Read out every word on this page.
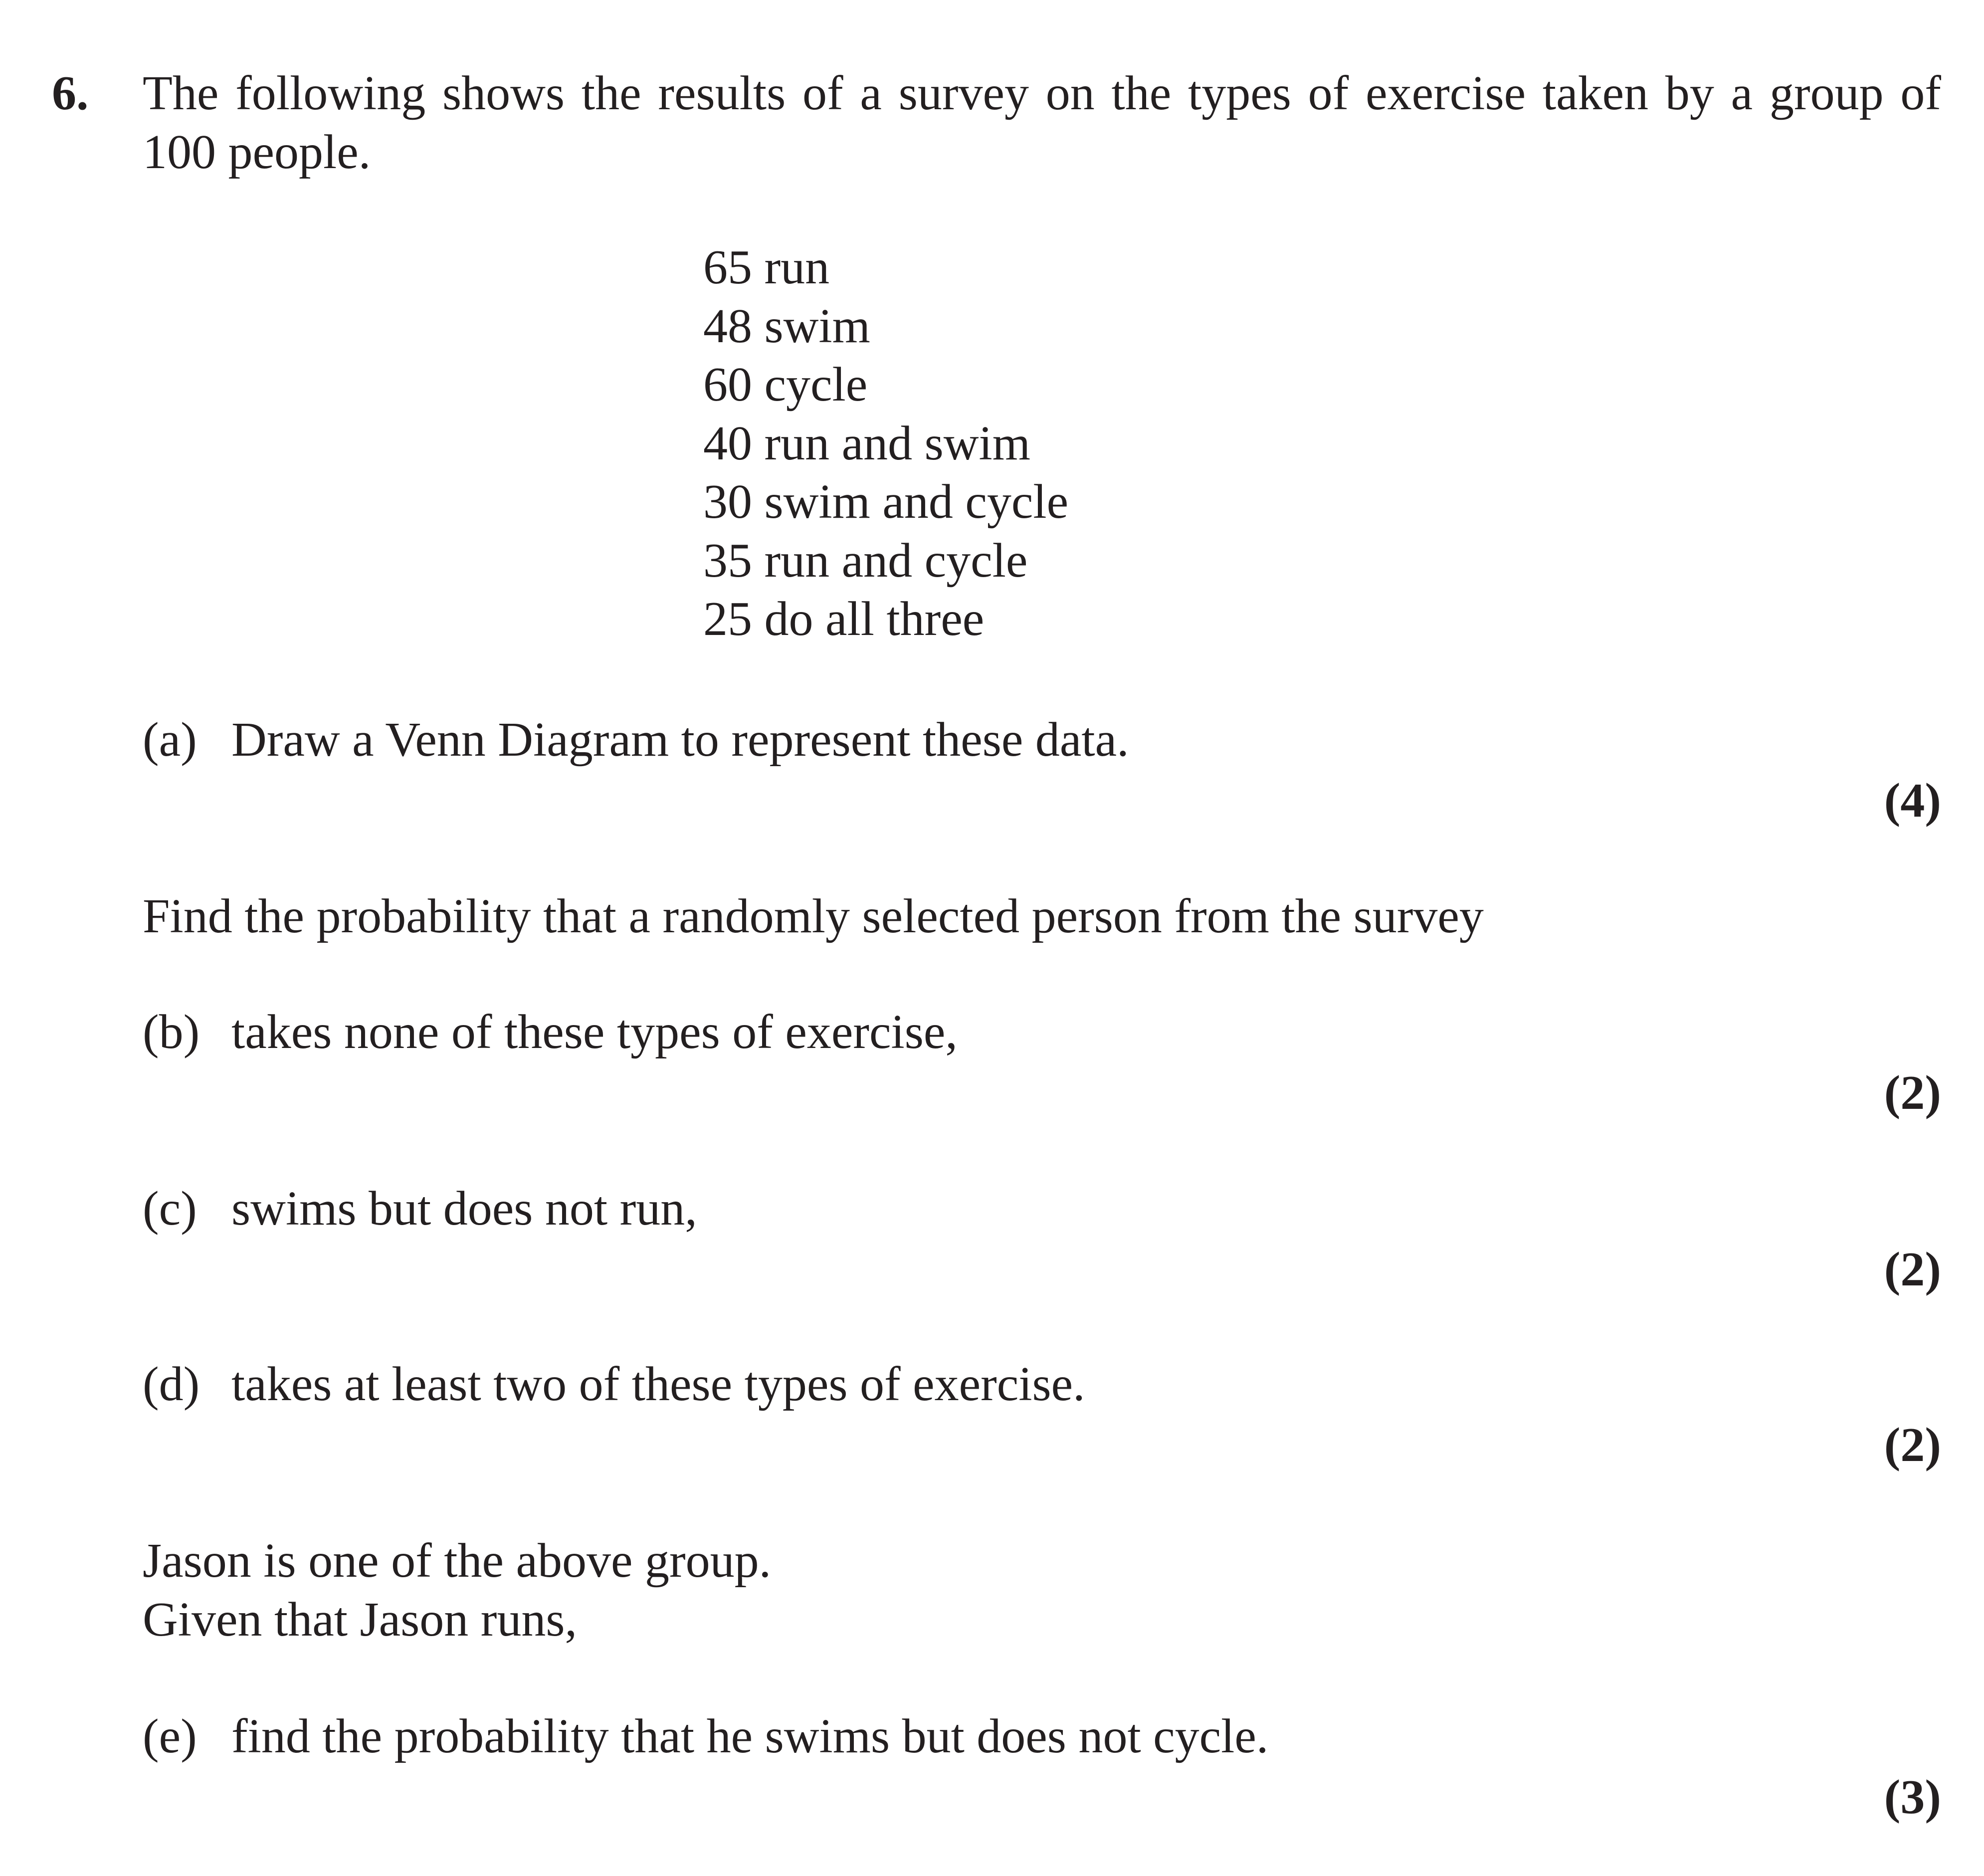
6. The following shows the results of a survey on the types of exercise taken by a group of
100 people.
65 run
48 swim
60 cycle
40 run and swim
30 swim and cycle
35 run and cycle
25 do all three
(a) Draw a Venn Diagram to represent these data.
(4)
Find the probability that a randomly selected person from the survey
(b) takes none of these types of exercise,
(2)
(c) swims but does not run,
(2)
(d) takes at least two of these types of exercise.
(2)
Jason is one of the above group.
Given that Jason runs,
(e) find the probability that he swims but does not cycle.
(3)
